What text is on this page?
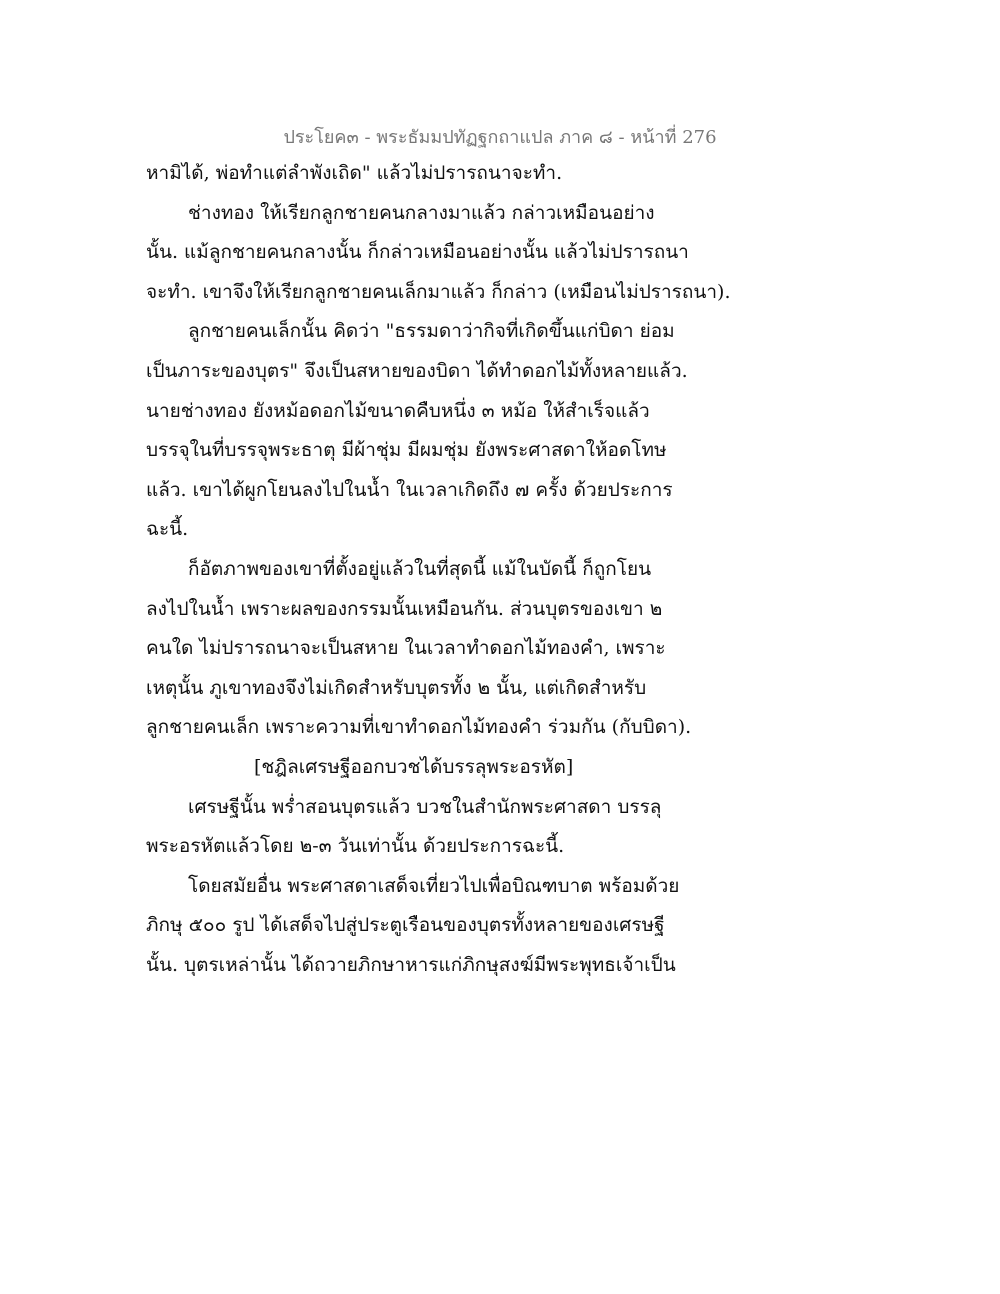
ประโยค๓ - พระธัมมปทัฏฐกถาแปล ภาค ๘ - หน้าที่ 276
หามิได้, พ่อทำแต่ลำพังเถิด" แล้วไม่ปรารถนาจะทำ.
ช่างทอง ให้เรียกลูกชายคนกลางมาแล้ว กล่าวเหมือนอย่าง
นั้น. แม้ลูกชายคนกลางนั้น ก็กล่าวเหมือนอย่างนั้น แล้วไม่ปรารถนา
จะทำ. เขาจึงให้เรียกลูกชายคนเล็กมาแล้ว ก็กล่าว (เหมือนไม่ปรารถนา).
ลูกชายคนเล็กนั้น คิดว่า "ธรรมดาว่ากิจที่เกิดขึ้นแก่บิดา ย่อม
เป็นภาระของบุตร" จึงเป็นสหายของบิดา ได้ทำดอกไม้ทั้งหลายแล้ว.
นายช่างทอง ยังหม้อดอกไม้ขนาดคืบหนึ่ง ๓ หม้อ ให้สำเร็จแล้ว
บรรจุในที่บรรจุพระธาตุ มีผ้าชุ่ม มีผมชุ่ม ยังพระศาสดาให้อดโทษ
แล้ว. เขาได้ผูกโยนลงไปในน้ำ ในเวลาเกิดถึง ๗ ครั้ง ด้วยประการ
ฉะนี้.
ก็อัตภาพของเขาที่ตั้งอยู่แล้วในที่สุดนี้ แม้ในบัดนี้ ก็ถูกโยน
ลงไปในน้ำ เพราะผลของกรรมนั้นเหมือนกัน. ส่วนบุตรของเขา ๒
คนใด ไม่ปรารถนาจะเป็นสหาย ในเวลาทำดอกไม้ทองคำ, เพราะ
เหตุนั้น ภูเขาทองจึงไม่เกิดสำหรับบุตรทั้ง ๒ นั้น, แต่เกิดสำหรับ
ลูกชายคนเล็ก เพราะความที่เขาทำดอกไม้ทองคำ ร่วมกัน (กับบิดา).
[ชฎิลเศรษฐีออกบวชได้บรรลุพระอรหัต]
เศรษฐีนั้น พร่ำสอนบุตรแล้ว บวชในสำนักพระศาสดา บรรลุ
พระอรหัตแล้วโดย ๒-๓ วันเท่านั้น ด้วยประการฉะนี้.
โดยสมัยอื่น พระศาสดาเสด็จเที่ยวไปเพื่อบิณฑบาต พร้อมด้วย
ภิกษุ ๕๐๐ รูป ได้เสด็จไปสู่ประตูเรือนของบุตรทั้งหลายของเศรษฐี
นั้น. บุตรเหล่านั้น ได้ถวายภิกษาหารแก่ภิกษุสงฆ์มีพระพุทธเจ้าเป็น
